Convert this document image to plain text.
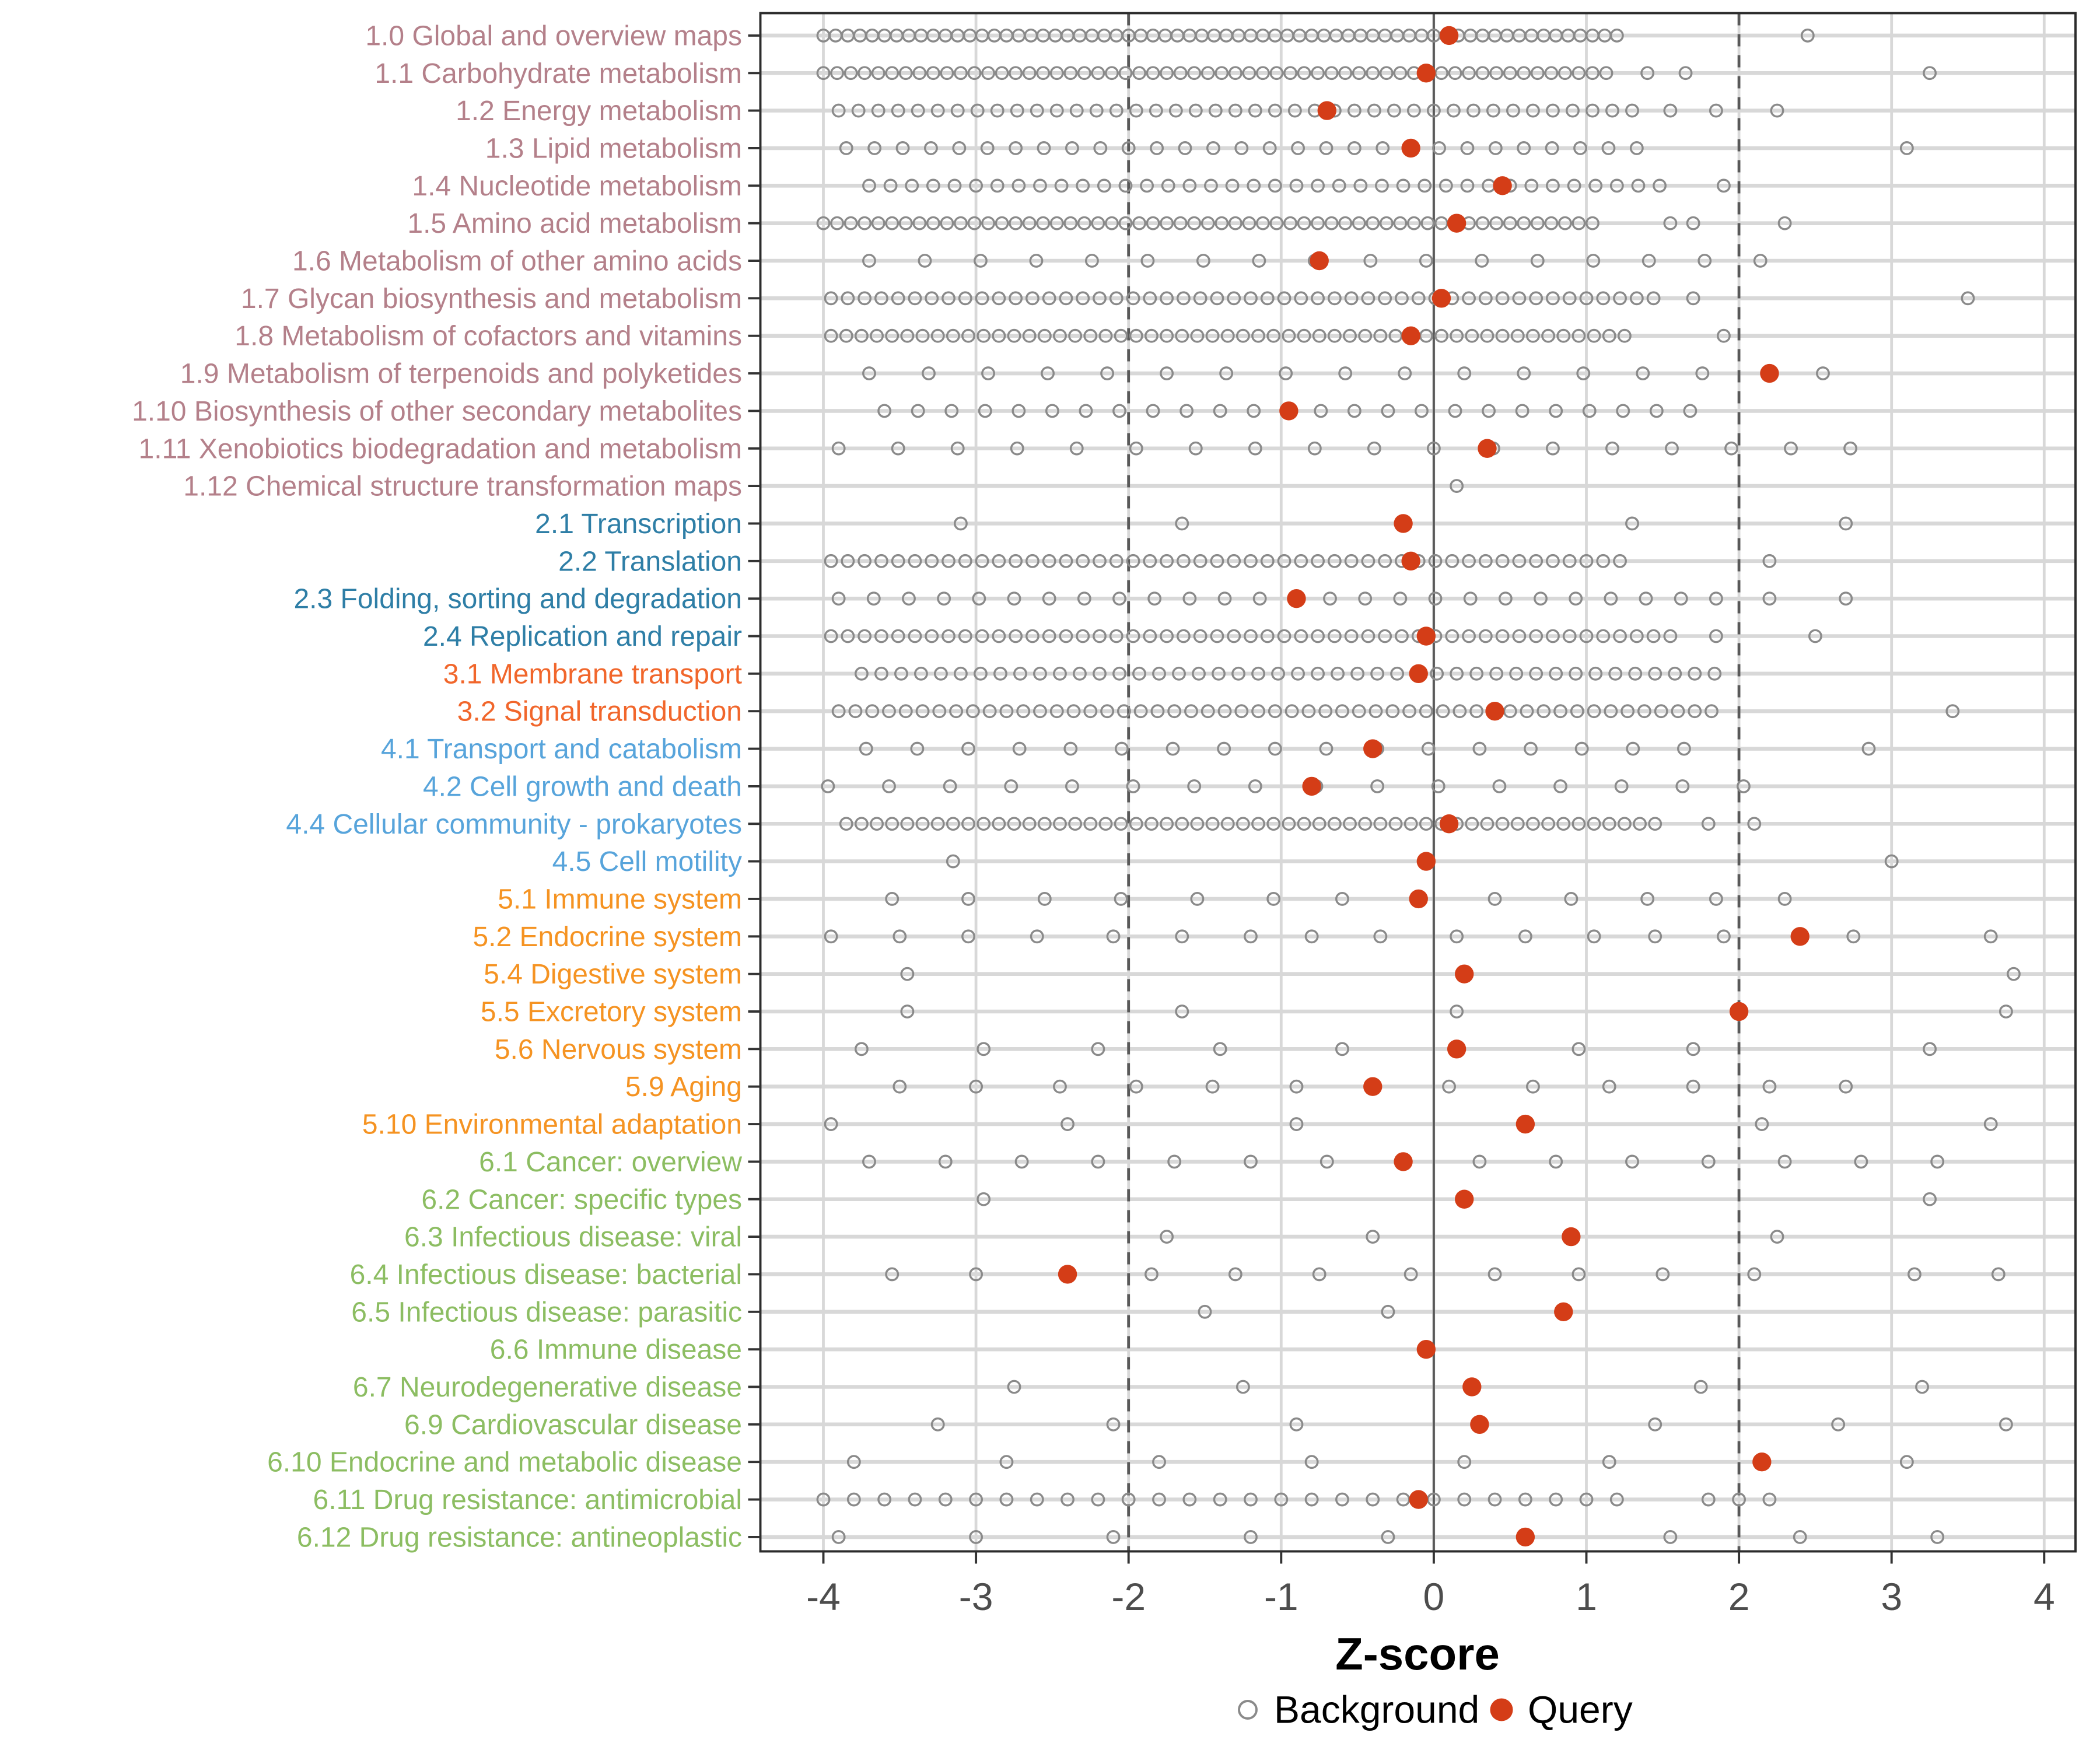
-4	-3	-2	-1	0	1	2	3	4
1.0 Global and overview maps
1.1 Carbohydrate metabolism
1.2 Energy metabolism
1.3 Lipid metabolism
1.4 Nucleotide metabolism
1.5 Amino acid metabolism
1.6 Metabolism of other amino acids
1.7 Glycan biosynthesis and metabolism
1.8 Metabolism of cofactors and vitamins
1.9 Metabolism of terpenoids and polyketides
1.10 Biosynthesis of other secondary metabolites
1.11 Xenobiotics biodegradation and metabolism
1.12 Chemical structure transformation maps
2.1 Transcription
2.2 Translation
2.3 Folding, sorting and degradation
2.4 Replication and repair
3.1 Membrane transport
3.2 Signal transduction
4.1 Transport and catabolism
4.2 Cell growth and death
4.4 Cellular community - prokaryotes
4.5 Cell motility
5.1 Immune system
5.2 Endocrine system
5.4 Digestive system
5.5 Excretory system
5.6 Nervous system
5.9 Aging
5.10 Environmental adaptation
6.1 Cancer: overview
6.2 Cancer: specific types
6.3 Infectious disease: viral
6.4 Infectious disease: bacterial
6.5 Infectious disease: parasitic
6.6 Immune disease
6.7 Neurodegenerative disease
6.9 Cardiovascular disease
6.10 Endocrine and metabolic disease
6.11 Drug resistance: antimicrobial
6.12 Drug resistance: antineoplastic
Z-score
Background	Query
